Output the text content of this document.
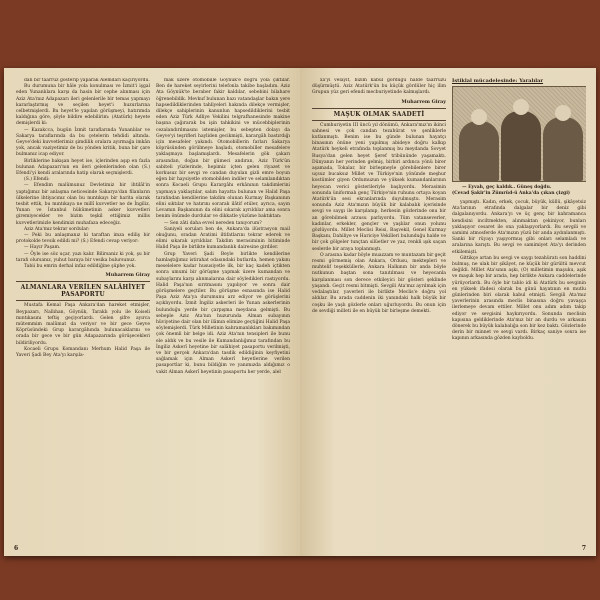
dan bir taarruz gösterip yaparak Alemdarı kaçırıyordu.

Bu durumuna bir hâle yola konulması ve İzmit'i işgal eden Yunanlılara karşı da hasin bir cephe alınması için Aziz Ata'mız Adapazarı ileri gelenlerile bir temas yapmayı kararlaştırmış ve seçilen heyet'i huzurlarına celbetmişlerdi. Bu heyet'le yapılan görüşmeyi, hatırımda kaldığına göre, şöyle bildire edebilirim: (Atatürk) heyete demişlerdi ki:

— Kazakcca, bugün İzmit taraflarında Yunanlılar ve Sakarya taraflarında da bu çetelerin tehdidi altında. Geyve'deki kuvvetlerimiz şimdilik oralara ayırmağa imkân yok, ancak vaziyetimiz de bu yönden kritik, buna bir çare bulmanız icap ediyor.

Birliklerine bakışan heyet ise, içlerinden aşıp en fazla bulunan Adapazarı'nın en ileri gelenlerinden olan (S.) Efendi'yi kendi aralarında hatip olarak seçmişlerdi.

(S.) Efendi:

— Efendim malûmunuz Devletimiz bir ihtilâl'in yaptığımız bir anlaşma neticesinde Sakarya'dan filanların ülkelerine ihtiyacınız olan bu mıntıkayı bir harita olarak tesbit ettik, bu mıntıkaya ne millî kuvvetler ne de İngiliz, Yunan ve İstanbul hükûmetinin asker kuvvetleri giremiyecekler ve bizim teşkil ettiğimiz millis kuvvetlerimizle kendimizi muhafaza edeceğiz.

Aziz Ata'mız tekrar sordular:

— Peki bu anlaşmanız ki taraftan imza ediliş bir protokolde tevsik edildi mi? (S.) Efendi cevap veriyor:

— Hayır Paşam.

— Öyle ise söz uçar, yazı kalır. Bilirsaniz ki yok, şu bir tarafı olursanız, yuhut baraya bir vesika bulursunuz.

Tabii bu emrin derhal infaz edildiğine şüphe yok.

Muharrem Giray
ALMANLARA VERİLEN SALÂHİYET PASAPORTU

Mustafa Kemal Paşa Ankara'dan hareket etmişler, Beypazarı, Nallıhan, Göynük, Taraklı yolu ile Koiseli mıntıkasını teftiş geçiyorlardı. Gelen şifre ayırca mütemmim malûmat da veriyor ve bir gece Geyve Köprüsündeki Grup karargâhında bulunacaklarını ve orada bir gece ve bir gün Adapazarında görüşecekleri bildiriliyordu.

Kocaeli Grupu Komandanı Merhum Halid Paşa ile Yaveri Şadi Bey Ata'yı karşıla-

mak üzere otomobille Göynük'e doğru yola çıktılar. Ben de hareket seyirlerini telefonla takibe başladım. Aziz Ata Göynük'te beraber fakir kaldılar, sebebini bilahare öğrenebildik. Mevkuf bulunan bazı vatandaşlar bakın yere hapsedildiklerinden tahliyeleri hakında dilekçe vermişler, dilekçe sahiplerinin kanunlun hapsedildiklerini tesbit eden Aziz Türk Adliye Vekilini telgrafhanesinde makine başına çağırarak bu işin tahkikini ve mücebbiplerinin cezalandırılmasını istemişler, bu sebepten dolayı da Geyve'yi teşrifleri hayliden gecikmişti, karargâh bastırdığı için mesafeler yakındı. Otomobillerin farları Sakarya köprüsünden görülmeye başladı, otomobiller mesafelere yaklaşmaya başlamışlardı. Mesafelerin gök çakarı arasından, doğan bir gümeci andıran, Aziz Türk'ün sabiteli yüzlerinde, hepimiz içten gelen riyazet ve korkusuz bir sevgi ve candan duyulan gizli emre boyun eğen bir haysiyetle otomobilden indiler ve selamlandıktan sonra Kocaeli Grupu Karargâhı erkânının takdimlerini yapmaya yaklaştılar, salım hayatta bulunan ve Halid Paşa tarafından kendilerine takdim olunan Kurmay Başkanının elini sıktılar ve hatırını sorarak ilâtif etüler, ayrıca, sayın Levamın Başkanının da elini sıkarak ayrıldılar ama sonra benim önümde durdular ve dikkatle yüzüme baktıktan:

— Sen zâti daha evvel nereden tanıyorum?

Saniyeli soruları ben de, Ankara'da ilüstrasyon mail okuğunu, oradan Aratimi iltifatlarını tekrar ederek ve elimi sıkarak ayrıldılar. Takdim merasiminin bitiminde Halid Paşa ile birlikte kumandanlık dairesine girdiler.

Grup Yaveri Şadi Beyle birlikte kendilerine hamlaştığımız istirahat odasındaki butlarda, hemen yakını meselelere kadar hususiyetle ilk, bir kaç kadeh içtikten sonra umumi bir görüşme yapmak üzere kumandan ve subaylarını karşı alınmalarına dair söyledikleri rastıyordu. Halid Paşa'nın sırıtmasını yapılıyor ve sonra dair görüşmelere geçtiler. Bu görüşme esnasında ise Halid Paşa Aziz Ata'ya durumunu arz ediyor ve görüşlerini açıklıyordu. İzmit İngiliz askerleri ile Yunan askerlerinin bulunduğu yerde bir çarpışma meydana gelmişti. Bu sebeple Aziz Ata'nın huzurunda Alman subayının hüviyetine dair olan bir ilâmın elimize geçtiğini Halid Paşa söylemişlerdi. Türk Milletinin kahramanlıkları bakımından çok önemli bir belge idi. Aziz Ata'nın tensipleri ile bunu ele aldık ve bu vesile ile Kumandanlığımız tarafından bu İngiliz Askerî heyetine bir salâhiyet pasaportu verilmişti, ve bir gerçek Ankara'dan tasdik edildiğinin keyfiyetini sağlamak için Alman Askerî heyetlerine verilen pasaportlar ki, bunu bildiğim ve yanımızda aldığımız o vakit Alman Askerî heyetinin pasaportu her yerde, alel

6

xa'yı velayıt, bizim kabul gördüğü halde taarruzu düşürmüştü. Aziz Atatürk'ün bu küçük gördüler hiç ilim Grupun yüz geri efendi mecburiyetinde kalmışlardı.

Muharrem Giray
MAŞUK OLMAK SAADETİ

Cumhuriyetin III üncü yıl dönümü, Ankara'mız'ın ikinci sahnesi ve çok candan tezahürat ve şenliklerle kutlanmıştı. Benim ise bu günde bulunan hayatçı binasının önüne yeni yapılmış abideye doğru kalkıp Atatürk heykeli etrafında toplanmış bu meydanda Sovyet Rusya'dan gelen heyet Şeref tribününde yaşamaktı. Dünyanın her yerinden gelmiş, birbiri ardınca yönü birer aşamada, Tokalar, bir birleşmeyle görebilenlere birer uçsuz bucaksız Millet ve Türkiye'nin yönünde meşhur kostümler giyen Ordumuzun ve yüksek kumandanlarının heyecan verici gösterileriyle başlıyordu. Merasimin sonunda üniformalı genç Türkiye'nin ruhunu ortaya koyan Atatürk'ün sesi ekranlarında duyulmuştu. Merasim sonunda Aziz Ata'mızın büyük bir kalabalık içerisinde sevgi ve saygı ile karşılanıp, herkesin gözlerinde onu bir an görebilmek arzusu parlıyordu. Tüm vatanseverler, kadınlar, erkekler, gençler ve yaşlılar onun yolunu gözlüyordu. Millet Meclisi Reisi, Başvekil, Genel Kurmay Başkanı, Dahiliye ve Hariciye Vekilleri bulunduğu halde ve bir çok gölgeler tunçtan silüetler ve yaz, renkli ışık saçan seslerde bir araya toplanmıştı.

O arasına kadar böyle muazzam ve muntazam bir geçit resmi görmemiş olan Ankara, Ordusu, mektepleri ve muhtelif teşekküllerle, Ankara Halkının bir anda böyle nutkunun baştan sona tanıtılması ve heyecanla karşılanması son derece etkileyici bir gösteri şeklinde yaşandı. Geçit resmi bitmişti. Sevgili Ata'mız ayrılmak için vedalaştılar, yaverleri ile birlikte Meclis'e doğru yol aldılar. Bu arada caddenin iki yanındaki halk büyük bir coşku ile yaşlı gözlerle onları uğurluyordu. Bu onun için de sevdiği milleti ile en büyük bir birleşme demekti.

İstiklal mücadelesinde: Yaralılar
— Eyvah, geç kaldık.. Güneş doğdu.
(Cevad Şakir'in Zümrüd-ü Anka'da çıkan çizgi)

yapmıştı. Kadın, erkek, çocuk, büyük, küllü, şikâyetsiz Ata'larının etrafında dalgalar bir deniz gibi dalgalanıyordu. Ankara'yı ve üç genç bir kahramanca kendisini inciltmekten, alınmaktan çekiniyor, bunları yaklaşıyor cesaret ile ona yaklaşıyorlardı. Bu sevgili ve samimi atmosferde Ata'mızın yüzü bir anda aydınlanmıştı. Sanki bir rüyayı yaşıyormuş gibi onları selamladı ve aralarına karıştı. Bu sevgi ve samimiyet Ata'yı derinden etkilemişti.

Gittikçe artan bu sevgi ve saygı tezahüratı son haddini bulmuş, ne ulak bir şikâyet, ne küçük bir gürültü mevcut değildi. Millet Ata'sının aşkı, (O) milletimin maşuku, aşık ve maşuk hep bir arada, hep birlikte Ankara caddelerinde yürüyorlardı. Bu öyle bir tablo idi ki Atatürk bu sevginin en yüksek ifadesi olarak bu günü hayatının en mutlu günlerinden biri olarak kabul etmişti. Sevgili Ata'mız yaverlerinin arasında meclis binasına doğru yavaşça ilerlemeye devam ettiler. Millet onu adım adım takip ediyor ve sevgisini haykırıyordu. Sonunda meclisin kapısına geldiklerinde Ata'mız bir an durdu ve arkasını dönerek bu büyük kalabalığa son bir kez baktı. Gözlerinde derin bir minnet ve sevgi vardı. Birkaç saniye sonra ise kapının arkasında gözden kayboldu.

7
